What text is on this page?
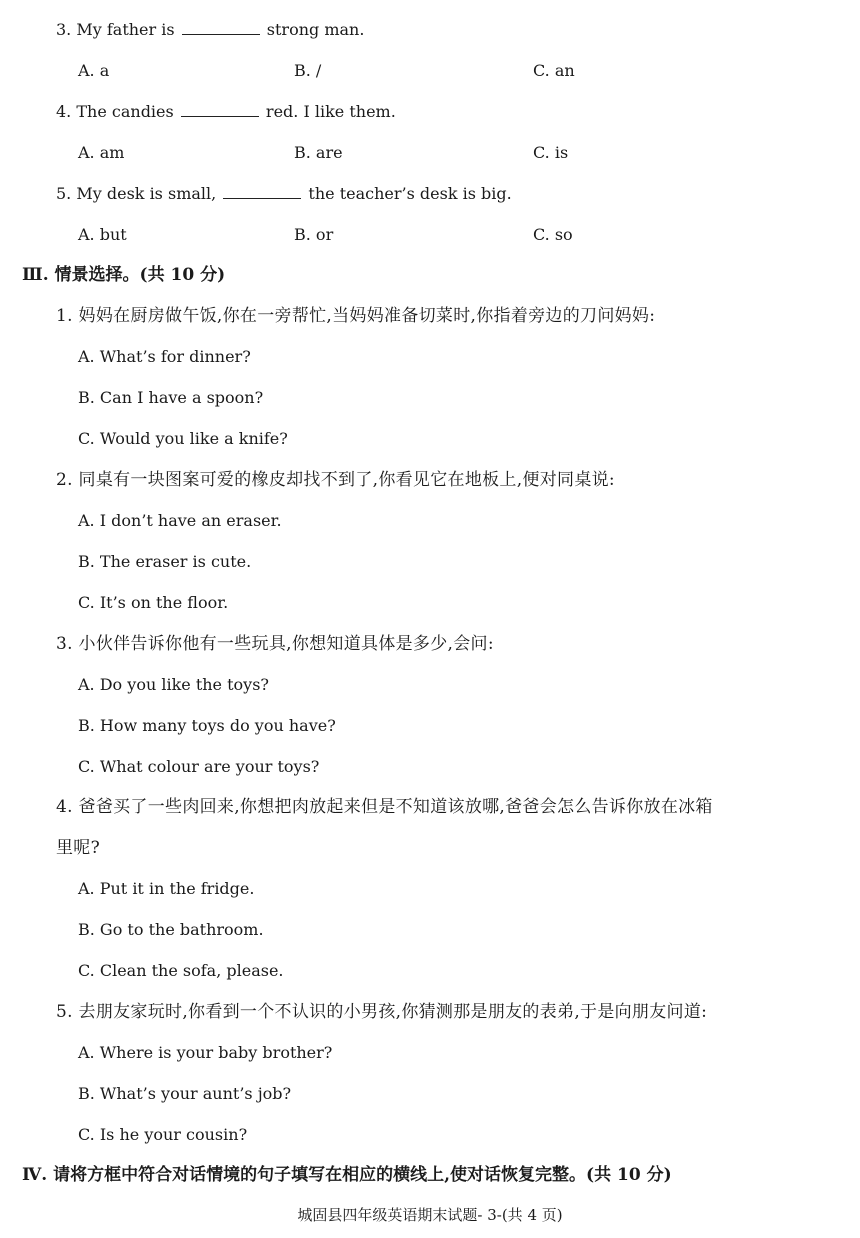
3. My father is	strong man.
A. a	B. /	C. an
4. The candies	red. I like them.
A. am	B. are	C. is
5. My desk is small,	the teacher’s desk is big.
A. but	B. or	C. so
Ⅲ. 情景选择。(共 10 分)
1. 妈妈在厨房做午饭,你在一旁帮忙,当妈妈准备切菜时,你指着旁边的刀问妈妈:
A. What’s for dinner?
B. Can I have a spoon?
C. Would you like a knife?
2. 同桌有一块图案可爱的橡皮却找不到了,你看见它在地板上,便对同桌说:
A. I don’t have an eraser.
B. The eraser is cute.
C. It’s on the floor.
3. 小伙伴告诉你他有一些玩具,你想知道具体是多少,会问:
A. Do you like the toys?
B. How many toys do you have?
C. What colour are your toys?
4. 爸爸买了一些肉回来,你想把肉放起来但是不知道该放哪,爸爸会怎么告诉你放在冰箱
里呢?
A. Put it in the fridge.
B. Go to the bathroom.
C. Clean the sofa, please.
5. 去朋友家玩时,你看到一个不认识的小男孩,你猜测那是朋友的表弟,于是向朋友问道:
A. Where is your baby brother?
B. What’s your aunt’s job?
C. Is he your cousin?
Ⅳ. 请将方框中符合对话情境的句子填写在相应的横线上,使对话恢复完整。(共 10 分)
城固县四年级英语期末试题- 3-(共 4 页)
